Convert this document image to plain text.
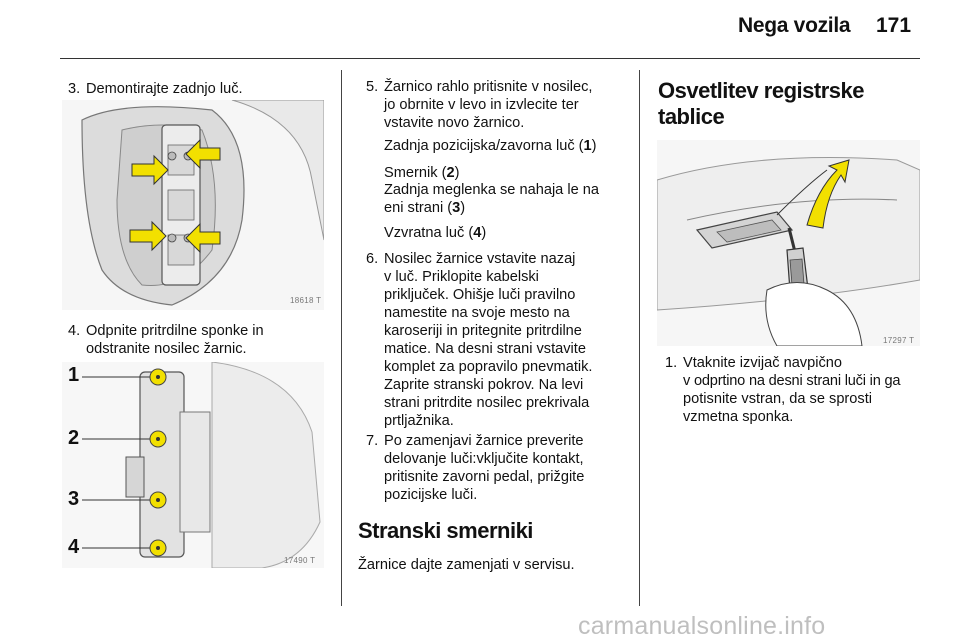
Nega vozila 171
3. Demontirajte zadnjo luč.
18618 T
4. Odpnite pritrdilne sponke in
odstranite nosilec žarnic.
1
2
3
4
17490 T
5. Žarnico rahlo pritisnite v nosilec,
jo obrnite v levo in izvlecite ter
vstavite novo žarnico.
Zadnja pozicijska/zavorna luč (1)
Smernik (2)
Zadnja meglenka se nahaja le na
eni strani (3)
Vzvratna luč (4)
6. Nosilec žarnice vstavite nazaj
v luč. Priklopite kabelski
priključek. Ohišje luči pravilno
namestite na svoje mesto na
karoseriji in pritegnite pritrdilne
matice. Na desni strani vstavite
komplet za popravilo pnevmatik.
Zaprite stranski pokrov. Na levi
strani pritrdite nosilec prekrivala
prtljažnika.
7. Po zamenjavi žarnice preverite
delovanje luči:vključite kontakt,
pritisnite zavorni pedal, prižgite
pozicijske luči.
Stranski smerniki
Žarnice dajte zamenjati v servisu.
Osvetlitev registrske
tablice
17297 T
1. Vtaknite izvijač navpično
v odprtino na desni strani luči in ga
potisnite vstran, da se sprosti
vzmetna sponka.
carmanualsonline.info
